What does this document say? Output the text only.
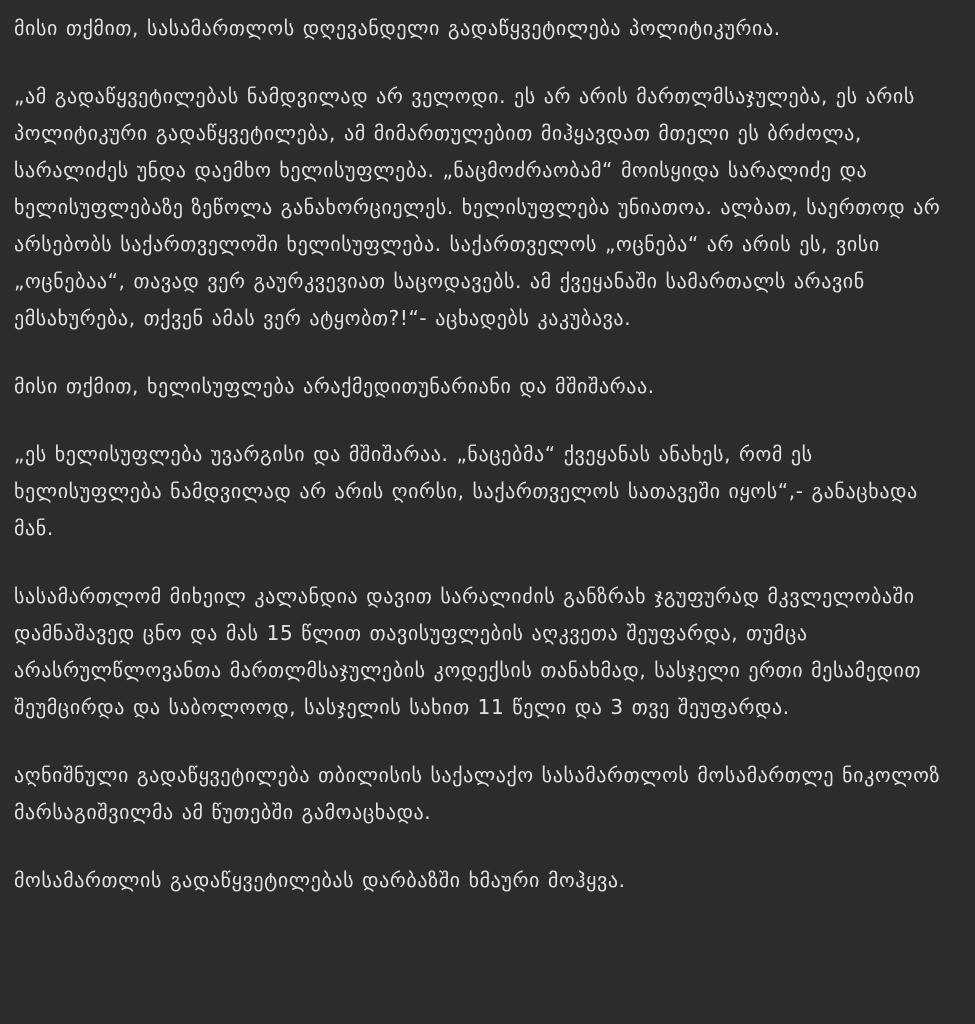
მისი თქმით, სასამართლოს დღევანდელი გადაწყვეტილება პოლიტიკურია.

„ამ გადაწყვეტილებას ნამდვილად არ ველოდი. ეს არ არის მართლმსაჯულება, ეს არის პოლიტიკური გადაწყვეტილება, ამ მიმართულებით მიჰყავდათ მთელი ეს ბრძოლა, სარალიძეს უნდა დაემხო ხელისუფლება. „ნაცმოძრაობამ“ მოისყიდა სარალიძე და ხელისუფლებაზე ზეწოლა განახორციელეს. ხელისუფლება უნიათოა. ალბათ, საერთოდ არ არსებობს საქართველოში ხელისუფლება. საქართველოს „ოცნება“ არ არის ეს, ვისი „ოცნებაა“, თავად ვერ გაურკვევიათ საცოდავებს. ამ ქვეყანაში სამართალს არავინ ემსახურება, თქვენ ამას ვერ ატყობთ?!“- აცხადებს კაკუბავა.

მისი თქმით, ხელისუფლება არაქმედითუნარიანი და მშიშარაა.

„ეს ხელისუფლება უვარგისი და მშიშარაა. „ნაცებმა“ ქვეყანას ანახეს, რომ ეს ხელისუფლება ნამდვილად არ არის ღირსი, საქართველოს სათავეში იყოს“,- განაცხადა მან.

სასამართლომ მიხეილ კალანდია დავით სარალიძის განზრახ ჯგუფურად მკვლელობაში დამნაშავედ ცნო და მას 15 წლით თავისუფლების აღკვეთა შეუფარდა, თუმცა არასრულწლოვანთა მართლმსაჯულების კოდექსის თანახმად, სასჯელი ერთი მესამედით შეუმცირდა და საბოლოოდ, სასჯელის სახით 11 წელი და 3 თვე შეუფარდა.

აღნიშნული გადაწყვეტილება თბილისის საქალაქო სასამართლოს მოსამართლე ნიკოლოზ მარსაგიშვილმა ამ წუთებში გამოაცხადა.

მოსამართლის გადაწყვეტილებას დარბაზში ხმაური მოჰყვა.
